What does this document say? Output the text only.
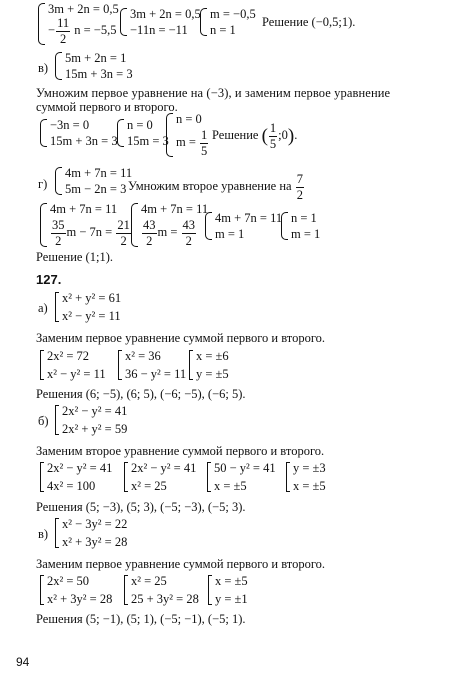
3m + 2n = 0,5
− $\frac{11}{2}$ n = −5,5
3m + 2n = 0,5
−11n = −11
m = −0,5
n = 1
Решение (−0,5;1).
в)
5m + 2n = 1
15m + 3n = 3
Умножим первое уравнение на (−3), и заменим первое уравнение
суммой первого и второго.
−3n = 0
15m + 3n = 3
n = 0
15m = 3
n = 0
$m = \frac{1}{5}$ Решение ( $\frac{1}{5}$ ;0).
г)
4m + 7n = 11
5m − 2n = 3 Умножим второе уравнение на $\frac{7}{2}$
4m + 7n = 11
$\frac{35}{2}$ $m - 7n = \frac{21}{2}$
4m + 7n = 11
$\frac{43}{2}$ $m = \frac{43}{2}$
4m + 7n = 11
m = 1
n = 1
m = 1
Решение (1;1).
127.
а)
x² + y² = 61
x² − y² = 11
Заменим первое уравнение суммой первого и второго.
2x² = 72
x² − y² = 11
x² = 36
36 − y² = 11
x = ±6
y = ±5
Решения (6; −5), (6; 5), (−6; −5), (−6; 5).
б)
2x² − y² = 41
2x² + y² = 59
Заменим второе уравнение суммой первого и второго.
2x² − y² = 41
4x² = 100
2x² − y² = 41
x² = 25
50 − y² = 41
x = ±5
y = ±3
x = ±5
Решения (5; −3), (5; 3), (−5; −3), (−5; 3).
в)
x² − 3y² = 22
x² + 3y² = 28
Заменим первое уравнение суммой первого и второго.
2x² = 50
x² + 3y² = 28
x² = 25
25 + 3y² = 28
x = ±5
y = ±1
Решения (5; −1), (5; 1), (−5; −1), (−5; 1).
94
